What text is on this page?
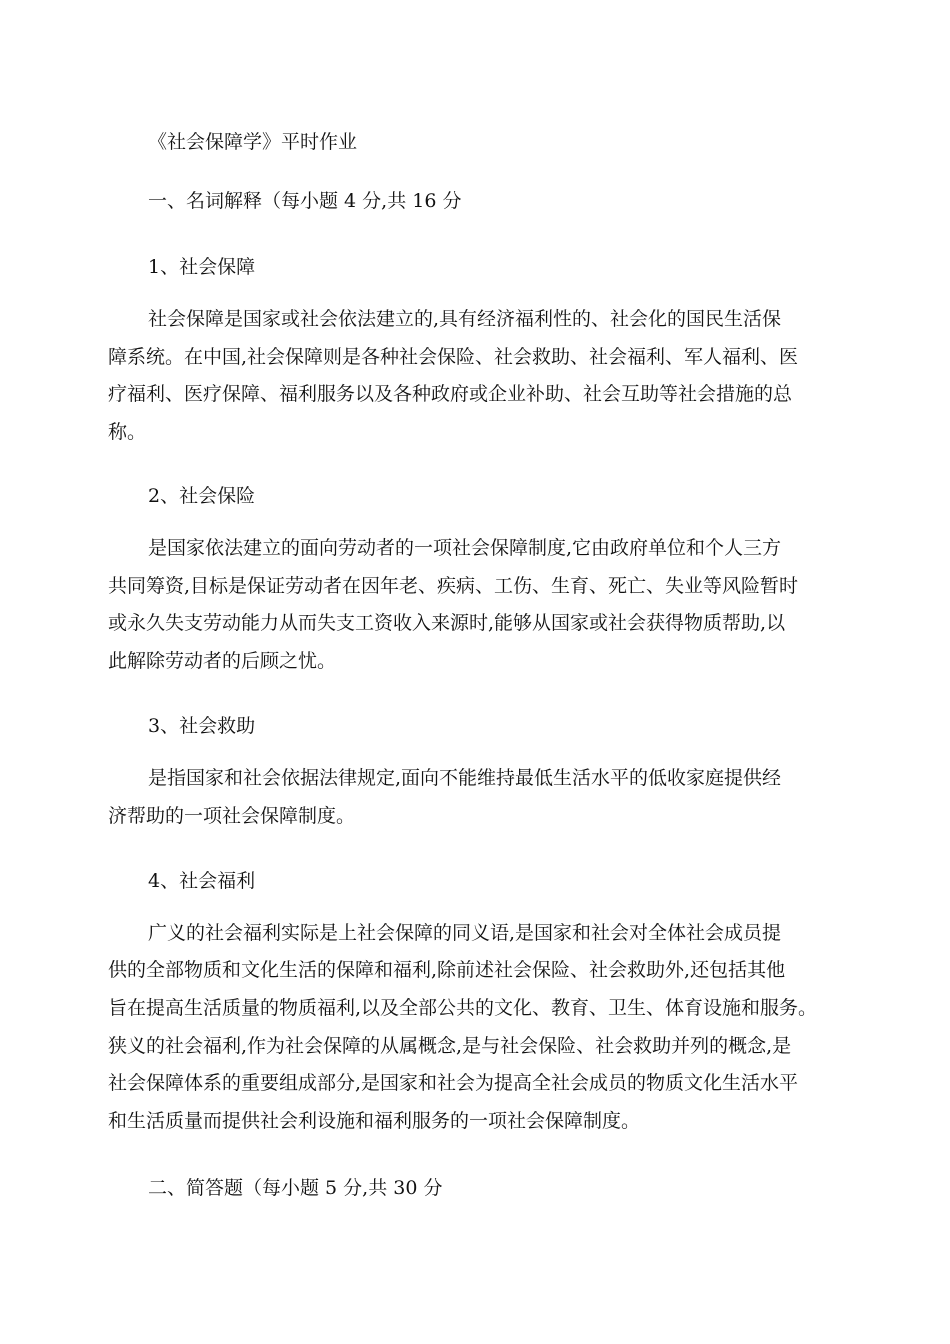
《社会保障学》平时作业
一、名词解释（每小题 4 分,共 16 分
1、社会保障
社会保障是国家或社会依法建立的,具有经济福利性的、社会化的国民生活保
障系统。在中国,社会保障则是各种社会保险、社会救助、社会福利、军人福利、医
疗福利、医疗保障、福利服务以及各种政府或企业补助、社会互助等社会措施的总
称。
2、社会保险
是国家依法建立的面向劳动者的一项社会保障制度,它由政府单位和个人三方
共同筹资,目标是保证劳动者在因年老、疾病、工伤、生育、死亡、失业等风险暂时
或永久失支劳动能力从而失支工资收入来源时,能够从国家或社会获得物质帮助,以
此解除劳动者的后顾之忧。
3、社会救助
是指国家和社会依据法律规定,面向不能维持最低生活水平的低收家庭提供经
济帮助的一项社会保障制度。
4、社会福利
广义的社会福利实际是上社会保障的同义语,是国家和社会对全体社会成员提
供的全部物质和文化生活的保障和福利,除前述社会保险、社会救助外,还包括其他
旨在提高生活质量的物质福利,以及全部公共的文化、教育、卫生、体育设施和服务。
狭义的社会福利,作为社会保障的从属概念,是与社会保险、社会救助并列的概念,是
社会保障体系的重要组成部分,是国家和社会为提高全社会成员的物质文化生活水平
和生活质量而提供社会利设施和福利服务的一项社会保障制度。
二、简答题（每小题 5 分,共 30 分
